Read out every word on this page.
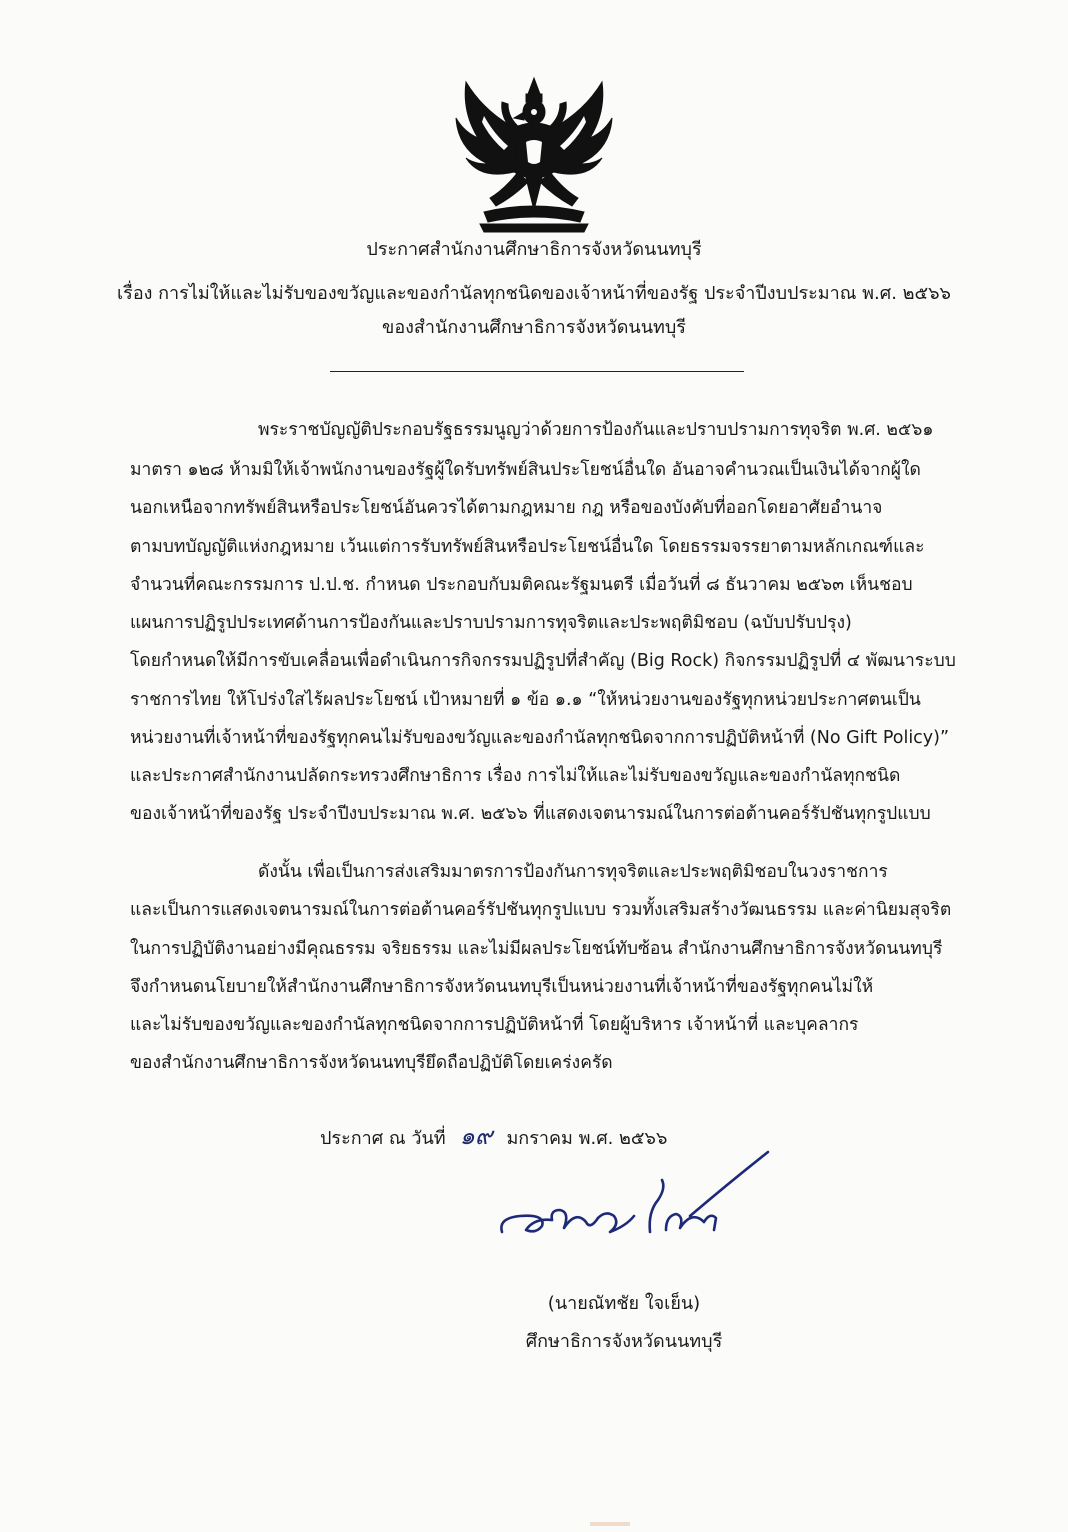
ประกาศสำนักงานศึกษาธิการจังหวัดนนทบุรี
เรื่อง การไม่ให้และไม่รับของขวัญและของกำนัลทุกชนิดของเจ้าหน้าที่ของรัฐ ประจำปีงบประมาณ พ.ศ. ๒๕๖๖
ของสำนักงานศึกษาธิการจังหวัดนนทบุรี
พระราชบัญญัติประกอบรัฐธรรมนูญว่าด้วยการป้องกันและปราบปรามการทุจริต พ.ศ. ๒๕๖๑
มาตรา ๑๒๘ ห้ามมิให้เจ้าพนักงานของรัฐผู้ใดรับทรัพย์สินประโยชน์อื่นใด อันอาจคำนวณเป็นเงินได้จากผู้ใด
นอกเหนือจากทรัพย์สินหรือประโยชน์อันควรได้ตามกฎหมาย กฎ หรือของบังคับที่ออกโดยอาศัยอำนาจ
ตามบทบัญญัติแห่งกฎหมาย เว้นแต่การรับทรัพย์สินหรือประโยชน์อื่นใด โดยธรรมจรรยาตามหลักเกณฑ์และ
จำนวนที่คณะกรรมการ ป.ป.ช. กำหนด ประกอบกับมติคณะรัฐมนตรี เมื่อวันที่ ๘ ธันวาคม ๒๕๖๓ เห็นชอบ
แผนการปฏิรูปประเทศด้านการป้องกันและปราบปรามการทุจริตและประพฤติมิชอบ (ฉบับปรับปรุง)
โดยกำหนดให้มีการขับเคลื่อนเพื่อดำเนินการกิจกรรมปฏิรูปที่สำคัญ (Big Rock) กิจกรรมปฏิรูปที่ ๔ พัฒนาระบบ
ราชการไทย ให้โปร่งใสไร้ผลประโยชน์ เป้าหมายที่ ๑ ข้อ ๑.๑ “ให้หน่วยงานของรัฐทุกหน่วยประกาศตนเป็น
หน่วยงานที่เจ้าหน้าที่ของรัฐทุกคนไม่รับของขวัญและของกำนัลทุกชนิดจากการปฏิบัติหน้าที่ (No Gift Policy)”
และประกาศสำนักงานปลัดกระทรวงศึกษาธิการ เรื่อง การไม่ให้และไม่รับของขวัญและของกำนัลทุกชนิด
ของเจ้าหน้าที่ของรัฐ ประจำปีงบประมาณ พ.ศ. ๒๕๖๖ ที่แสดงเจตนารมณ์ในการต่อต้านคอร์รัปชันทุกรูปแบบ
ดังนั้น เพื่อเป็นการส่งเสริมมาตรการป้องกันการทุจริตและประพฤติมิชอบในวงราชการ
และเป็นการแสดงเจตนารมณ์ในการต่อต้านคอร์รัปชันทุกรูปแบบ รวมทั้งเสริมสร้างวัฒนธรรม และค่านิยมสุจริต
ในการปฏิบัติงานอย่างมีคุณธรรม จริยธรรม และไม่มีผลประโยชน์ทับซ้อน สำนักงานศึกษาธิการจังหวัดนนทบุรี
จึงกำหนดนโยบายให้สำนักงานศึกษาธิการจังหวัดนนทบุรีเป็นหน่วยงานที่เจ้าหน้าที่ของรัฐทุกคนไม่ให้
และไม่รับของขวัญและของกำนัลทุกชนิดจากการปฏิบัติหน้าที่ โดยผู้บริหาร เจ้าหน้าที่ และบุคลากร
ของสำนักงานศึกษาธิการจังหวัดนนทบุรียึดถือปฏิบัติโดยเคร่งครัด
ประกาศ ณ วันที่ ๑๙ มกราคม พ.ศ. ๒๕๖๖
(นายณัทชัย ใจเย็น)
ศึกษาธิการจังหวัดนนทบุรี
